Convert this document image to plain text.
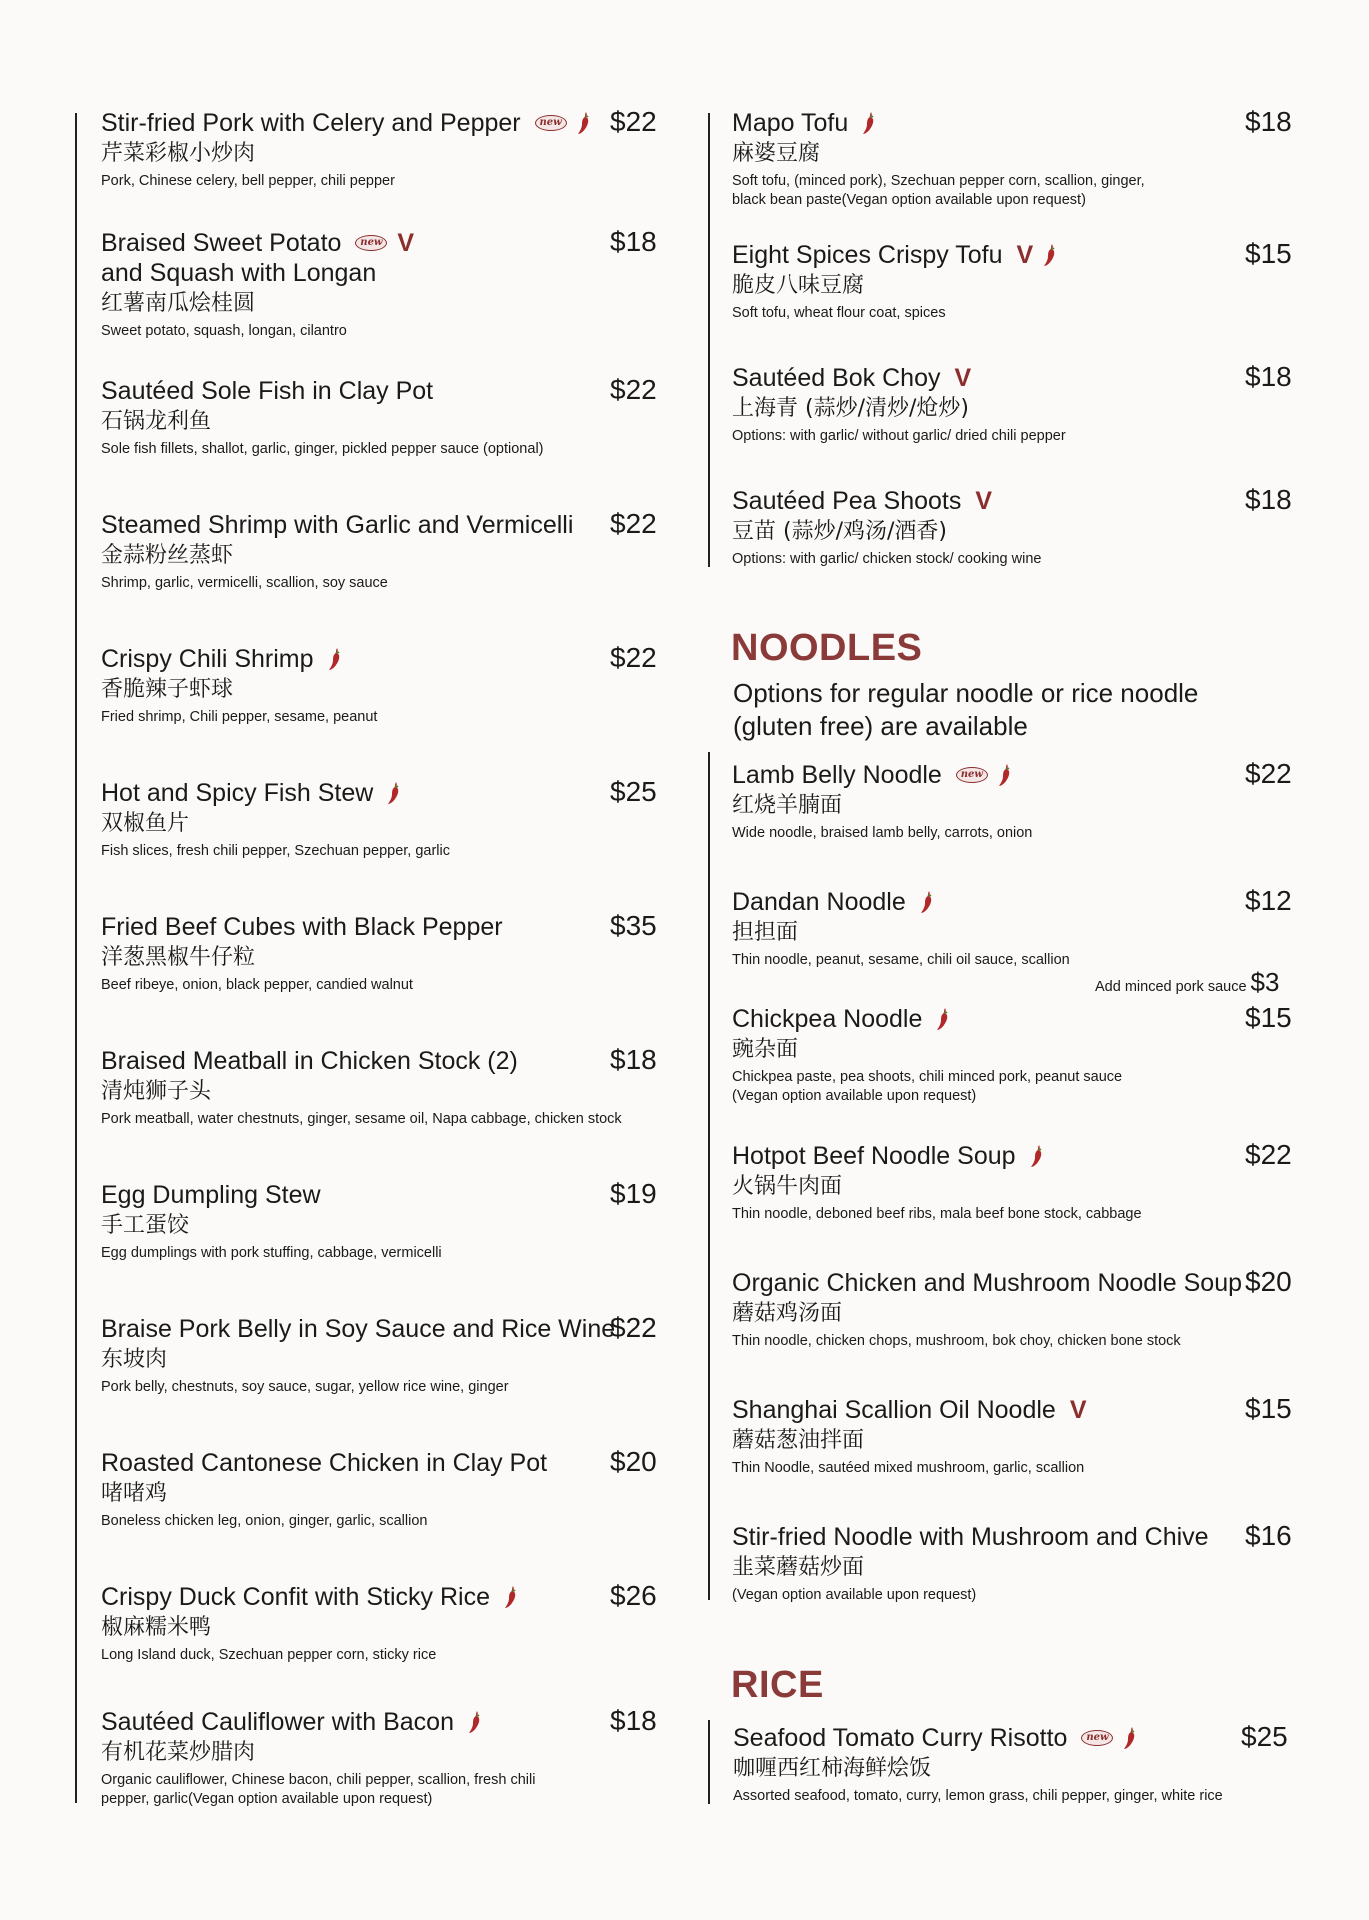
Stir-fried Pork with Celery and Pepper	new
芹菜彩椒小炒肉
Pork, Chinese celery, bell pepper, chili pepper
$22
Braised Sweet Potato	new V
and Squash with Longan
红薯南瓜烩桂圆
Sweet potato, squash, longan, cilantro
$18
Sautéed Sole Fish in Clay Pot
石锅龙利鱼
Sole fish fillets, shallot, garlic, ginger, pickled pepper sauce (optional)
$22
Steamed Shrimp with Garlic and Vermicelli
金蒜粉丝蒸虾
Shrimp, garlic, vermicelli, scallion, soy sauce
$22
Crispy Chili Shrimp
香脆辣子虾球
Fried shrimp, Chili pepper, sesame, peanut
$22
Hot and Spicy Fish Stew
双椒鱼片
Fish slices, fresh chili pepper, Szechuan pepper, garlic
$25
Fried Beef Cubes with Black Pepper
洋葱黑椒牛仔粒
Beef ribeye, onion, black pepper, candied walnut
$35
Braised Meatball in Chicken Stock (2)
清炖狮子头
Pork meatball, water chestnuts, ginger, sesame oil, Napa cabbage, chicken stock
$18
Egg Dumpling Stew
手工蛋饺
Egg dumplings with pork stuffing, cabbage, vermicelli
$19
Braise Pork Belly in Soy Sauce and Rice Wine
东坡肉
Pork belly, chestnuts, soy sauce, sugar, yellow rice wine, ginger
$22
Roasted Cantonese Chicken in Clay Pot
啫啫鸡
Boneless chicken leg, onion, ginger, garlic, scallion
$20
Crispy Duck Confit with Sticky Rice
椒麻糯米鸭
Long Island duck, Szechuan pepper corn, sticky rice
$26
Sautéed Cauliflower with Bacon
有机花菜炒腊肉
Organic cauliflower, Chinese bacon, chili pepper, scallion, fresh chili
pepper, garlic(Vegan option available upon request)
$18
Mapo Tofu
麻婆豆腐
Soft tofu, (minced pork), Szechuan pepper corn, scallion, ginger,
black bean paste(Vegan option available upon request)
$18
Eight Spices Crispy Tofu V
脆皮八味豆腐
Soft tofu, wheat flour coat, spices
$15
Sautéed Bok Choy V
上海青 (蒜炒/清炒/炝炒)
Options: with garlic/ without garlic/ dried chili pepper
$18
Sautéed Pea Shoots V
豆苗 (蒜炒/鸡汤/酒香)
Options: with garlic/ chicken stock/ cooking wine
$18
NOODLES
Options for regular noodle or rice noodle
(gluten free) are available
Lamb Belly Noodle	new
红烧羊腩面
Wide noodle, braised lamb belly, carrots, onion
$22
Dandan Noodle
担担面
Thin noodle, peanut, sesame, chili oil sauce, scallion
$12
Add minced pork sauce $3
Chickpea Noodle
豌杂面
Chickpea paste, pea shoots, chili minced pork, peanut sauce
(Vegan option available upon request)
$15
Hotpot Beef Noodle Soup
火锅牛肉面
Thin noodle, deboned beef ribs, mala beef bone stock, cabbage
$22
Organic Chicken and Mushroom Noodle Soup
蘑菇鸡汤面
Thin noodle, chicken chops, mushroom, bok choy, chicken bone stock
$20
Shanghai Scallion Oil Noodle V
蘑菇葱油拌面
Thin Noodle, sautéed mixed mushroom, garlic, scallion
$15
Stir-fried Noodle with Mushroom and Chive
韭菜蘑菇炒面
(Vegan option available upon request)
$16
RICE
Seafood Tomato Curry Risotto	new
咖喱西红柿海鲜烩饭
Assorted seafood, tomato, curry, lemon grass, chili pepper, ginger, white rice
$25
